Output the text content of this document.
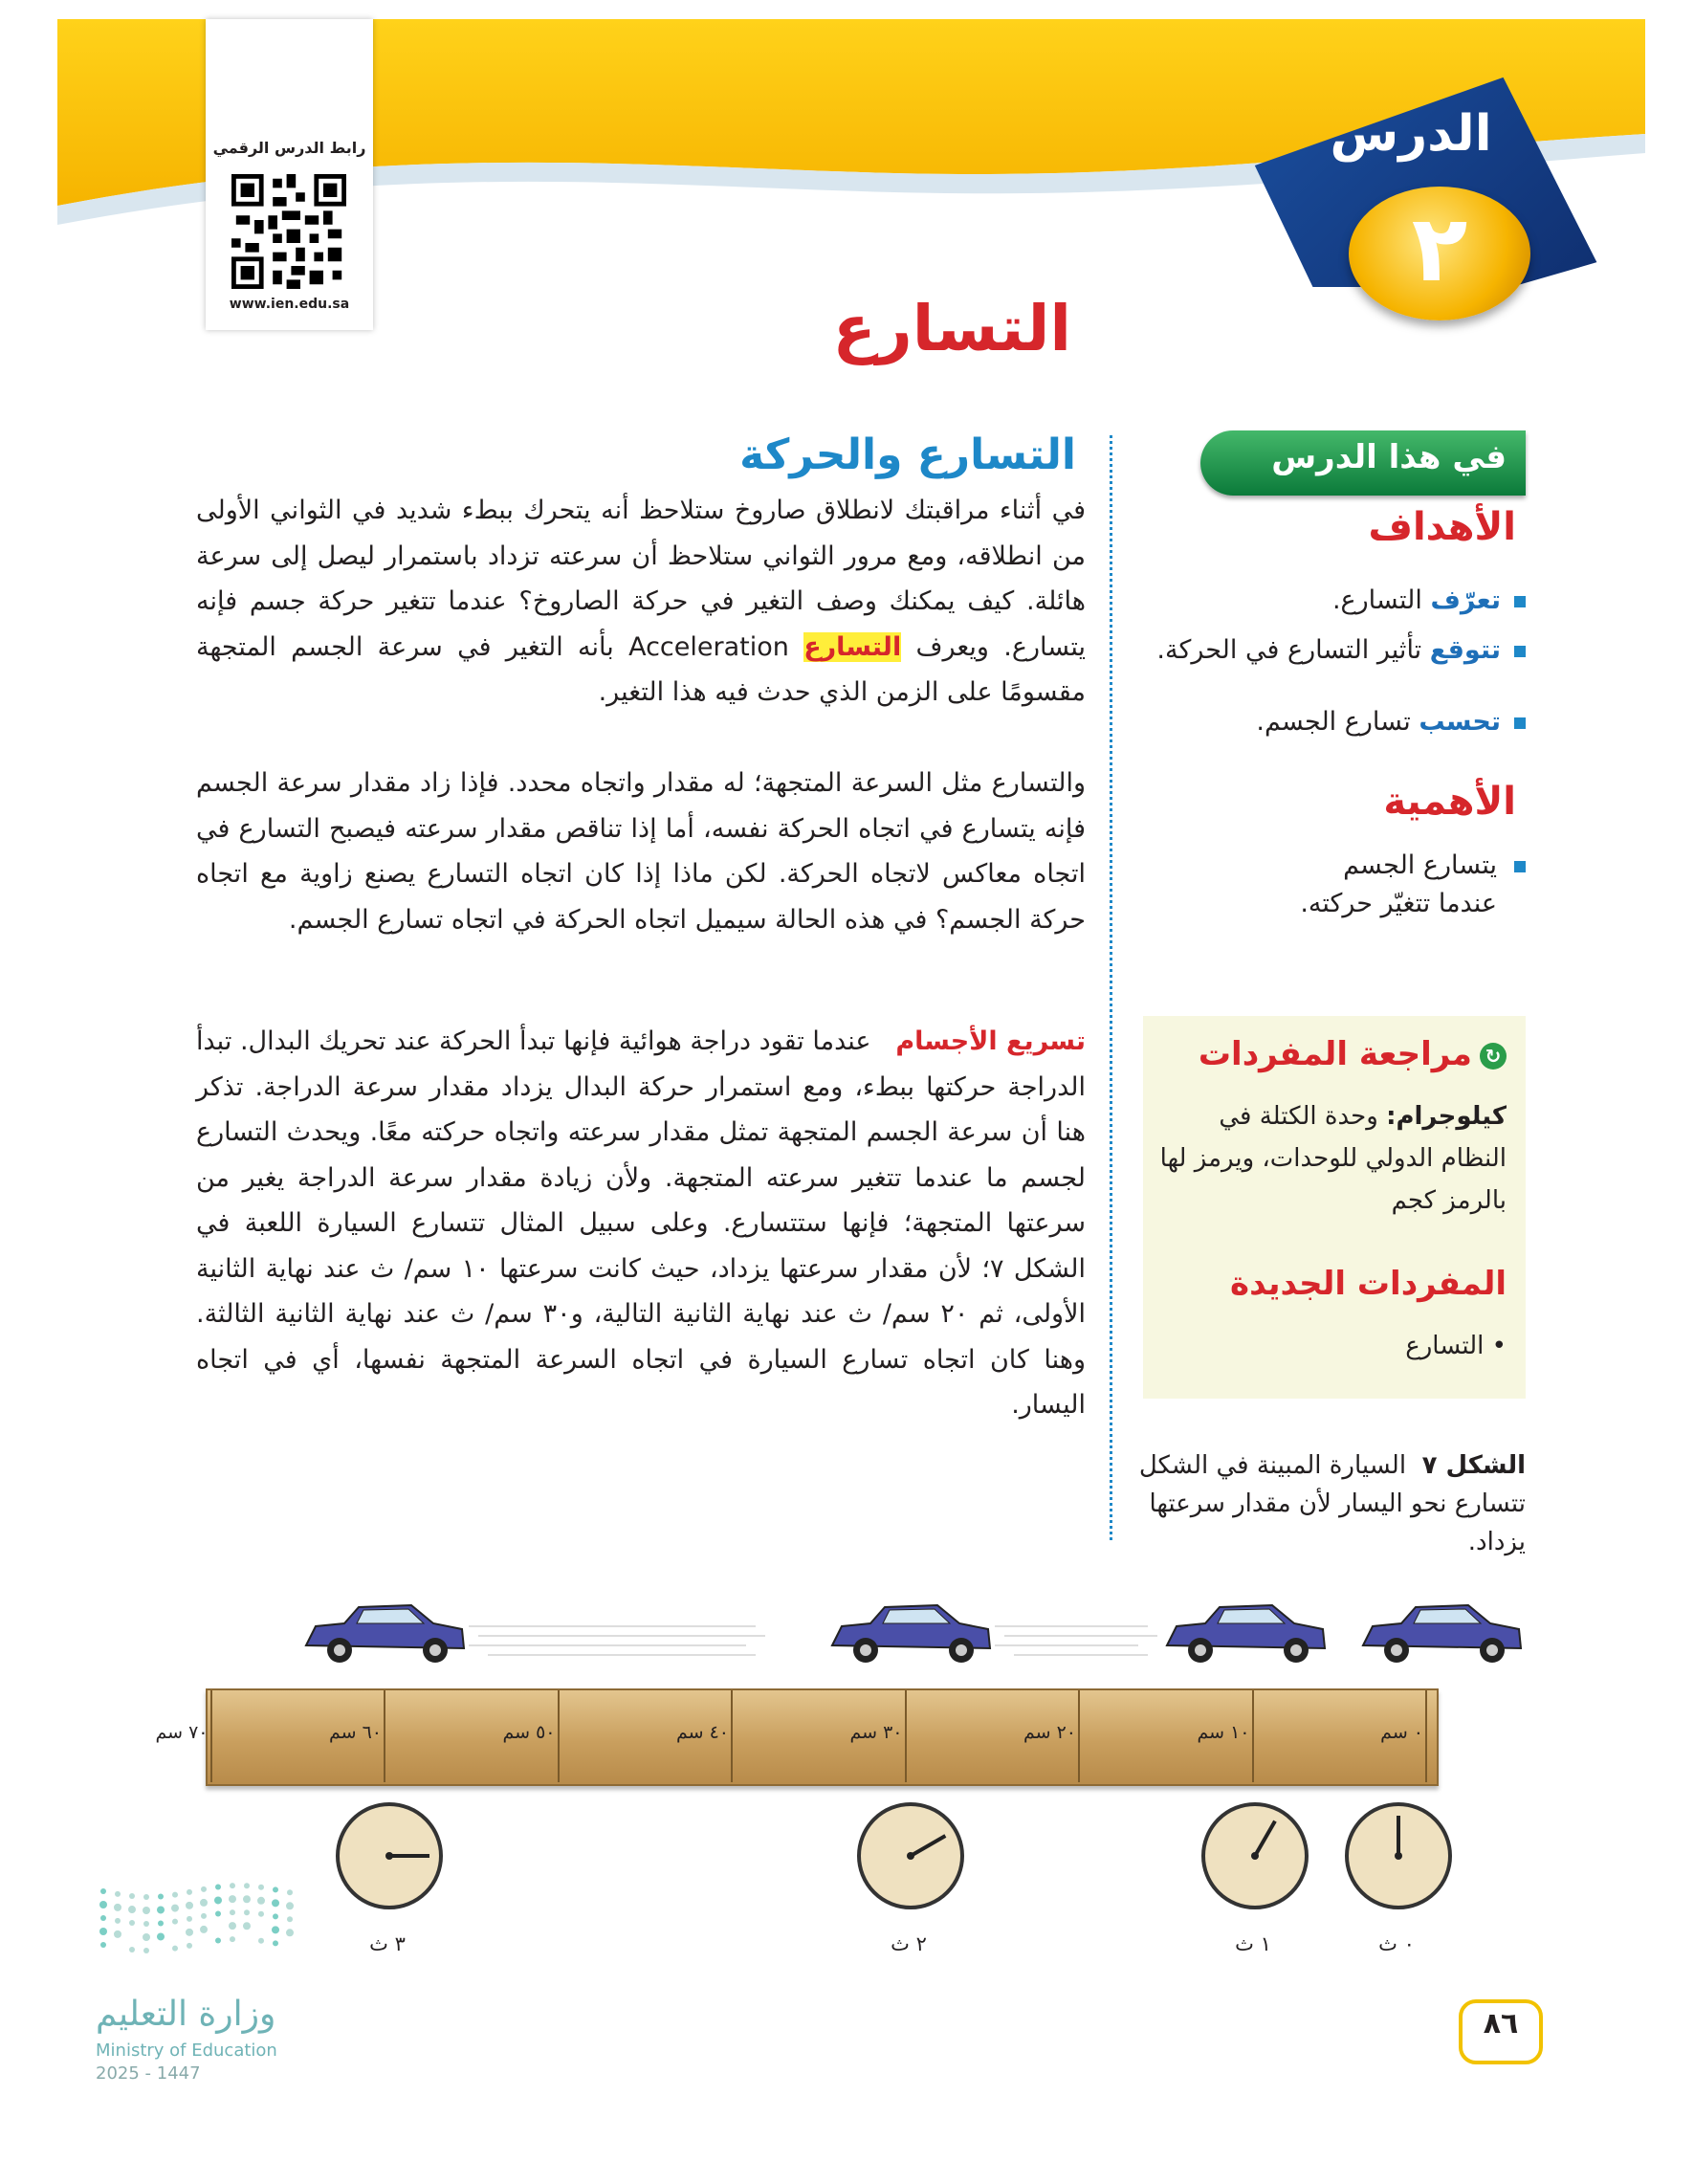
رابط الدرس الرقمي
www.ien.edu.sa
الدرس
٢
التسارع
في هذا الدرس
الأهداف
تعرّف التسارع.
تتوقع تأثير التسارع في الحركة.
تحسب تسارع الجسم.
الأهمية
يتسارع الجسم عندما تتغيّر حركته.
↻مراجعة المفردات
كيلوجرام: وحدة الكتلة في النظام الدولي للوحدات، ويرمز لها بالرمز كجم
المفردات الجديدة
• التسارع
الشكل ٧  السيارة المبينة في الشكل تتسارع نحو اليسار لأن مقدار سرعتها يزداد.
التسارع والحركة
في أثناء مراقبتك لانطلاق صاروخ ستلاحظ أنه يتحرك ببطء شديد في الثواني الأولى من انطلاقه، ومع مرور الثواني ستلاحظ أن سرعته تزداد باستمرار ليصل إلى سرعة هائلة. كيف يمكنك وصف التغير في حركة الصاروخ؟ عندما تتغير حركة جسم فإنه يتسارع. ويعرف التسارع Acceleration بأنه التغير في سرعة الجسم المتجهة مقسومًا على الزمن الذي حدث فيه هذا التغير.
والتسارع مثل السرعة المتجهة؛ له مقدار واتجاه محدد. فإذا زاد مقدار سرعة الجسم فإنه يتسارع في اتجاه الحركة نفسه، أما إذا تناقص مقدار سرعته فيصبح التسارع في اتجاه معاكس لاتجاه الحركة. لكن ماذا إذا كان اتجاه التسارع يصنع زاوية مع اتجاه حركة الجسم؟ في هذه الحالة سيميل اتجاه الحركة في اتجاه تسارع الجسم.
تسريع الأجسام   عندما تقود دراجة هوائية فإنها تبدأ الحركة عند تحريك البدال. تبدأ الدراجة حركتها ببطء، ومع استمرار حركة البدال يزداد مقدار سرعة الدراجة. تذكر هنا أن سرعة الجسم المتجهة تمثل مقدار سرعته واتجاه حركته معًا. ويحدث التسارع لجسم ما عندما تتغير سرعته المتجهة. ولأن زيادة مقدار سرعة الدراجة يغير من سرعتها المتجهة؛ فإنها ستتسارع. وعلى سبيل المثال تتسارع السيارة اللعبة في الشكل ٧؛ لأن مقدار سرعتها يزداد، حيث كانت سرعتها ١٠ سم/ ث عند نهاية الثانية الأولى، ثم ٢٠ سم/ ث عند نهاية الثانية التالية، و٣٠ سم/ ث عند نهاية الثانية الثالثة. وهنا كان اتجاه تسارع السيارة في اتجاه السرعة المتجهة نفسها، أي في اتجاه اليسار.
٠ سم
١٠ سم
٢٠ سم
٣٠ سم
٤٠ سم
٥٠ سم
٦٠ سم
٧٠ سم
٠ ث
١ ث
٢ ث
٣ ث
وزارة التعليم
Ministry of Education
2025 - 1447
٨٦
